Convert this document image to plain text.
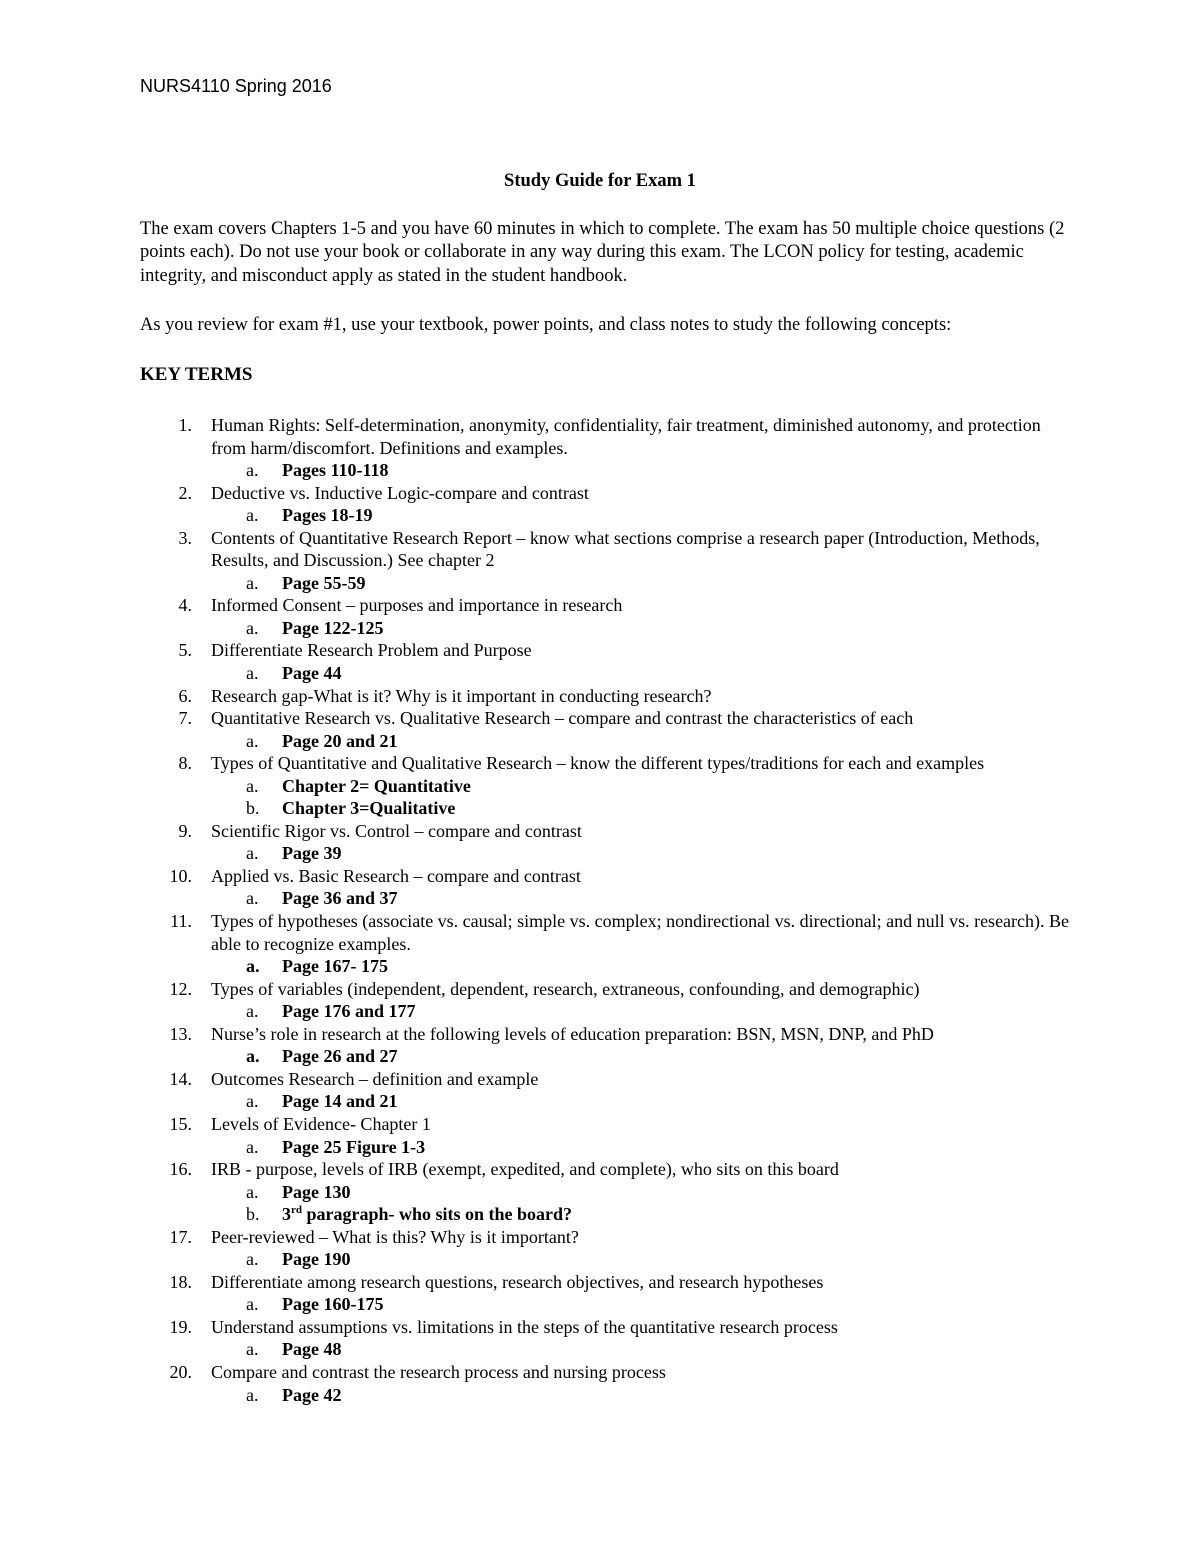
NURS4110 Spring 2016
Study Guide for Exam 1
The exam covers Chapters 1-5 and you have 60 minutes in which to complete. The exam has 50 multiple choice questions (2 points each). Do not use your book or collaborate in any way during this exam. The LCON policy for testing, academic integrity, and misconduct apply as stated in the student handbook.
As you review for exam #1, use your textbook, power points, and class notes to study the following concepts:
KEY TERMS
1. Human Rights: Self-determination, anonymity, confidentiality, fair treatment, diminished autonomy, and protection from harm/discomfort. Definitions and examples.
a. Pages 110-118
2. Deductive vs. Inductive Logic-compare and contrast
a. Pages 18-19
3. Contents of Quantitative Research Report – know what sections comprise a research paper (Introduction, Methods, Results, and Discussion.) See chapter 2
a. Page 55-59
4. Informed Consent – purposes and importance in research
a. Page 122-125
5. Differentiate Research Problem and Purpose
a. Page 44
6. Research gap-What is it? Why is it important in conducting research?
7. Quantitative Research vs. Qualitative Research – compare and contrast the characteristics of each
a. Page 20 and 21
8. Types of Quantitative and Qualitative Research – know the different types/traditions for each and examples
a. Chapter 2= Quantitative
b. Chapter 3=Qualitative
9. Scientific Rigor vs. Control – compare and contrast
a. Page 39
10. Applied vs. Basic Research – compare and contrast
a. Page 36 and 37
11. Types of hypotheses (associate vs. causal; simple vs. complex; nondirectional vs. directional; and null vs. research). Be able to recognize examples.
a. Page 167- 175
12. Types of variables (independent, dependent, research, extraneous, confounding, and demographic)
a. Page 176 and 177
13. Nurse’s role in research at the following levels of education preparation: BSN, MSN, DNP, and PhD
a. Page 26 and 27
14. Outcomes Research – definition and example
a. Page 14 and 21
15. Levels of Evidence- Chapter 1
a. Page 25 Figure 1-3
16. IRB - purpose, levels of IRB (exempt, expedited, and complete), who sits on this board
a. Page 130
b. 3rd paragraph- who sits on the board?
17. Peer-reviewed – What is this? Why is it important?
a. Page 190
18. Differentiate among research questions, research objectives, and research hypotheses
a. Page 160-175
19. Understand assumptions vs. limitations in the steps of the quantitative research process
a. Page 48
20. Compare and contrast the research process and nursing process
a. Page 42
